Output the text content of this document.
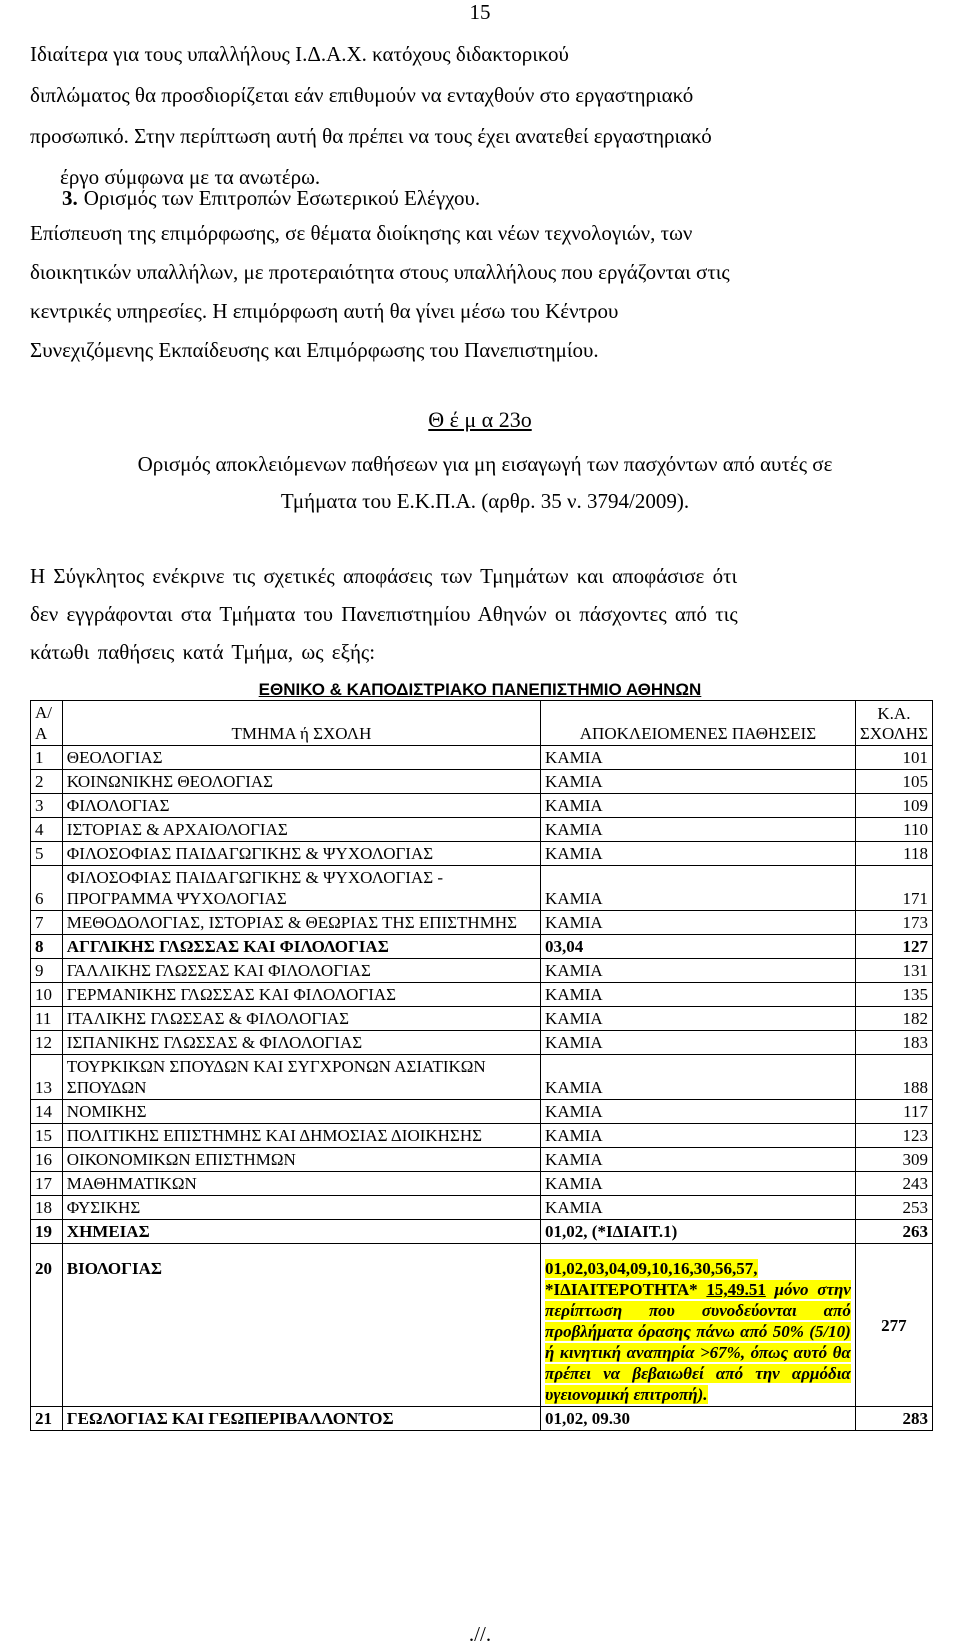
15

Ιδιαίτερα για τους υπαλλήλους Ι.Δ.Α.Χ. κατόχους διδακτορικού
διπλώματος θα προσδιορίζεται εάν επιθυμούν να ενταχθούν στο εργαστηριακό
προσωπικό. Στην περίπτωση αυτή θα πρέπει να τους έχει ανατεθεί εργαστηριακό
έργο σύμφωνα με τα ανωτέρω.

3. Ορισμός των Επιτροπών Εσωτερικού Ελέγχου.

Επίσπευση της επιμόρφωσης, σε θέματα διοίκησης και νέων τεχνολογιών, των
διοικητικών υπαλλήλων, με προτεραιότητα στους υπαλλήλους που εργάζονται στις
κεντρικές υπηρεσίες. Η επιμόρφωση αυτή θα γίνει μέσω του Κέντρου
Συνεχιζόμενης Εκπαίδευσης και Επιμόρφωσης του Πανεπιστημίου.

Θ έ μ α 23ο
Ορισμός αποκλειόμενων παθήσεων για μη εισαγωγή των πασχόντων από αυτές σε
Τμήματα του Ε.Κ.Π.Α. (αρθρ. 35 ν. 3794/2009).

Η Σύγκλητος ενέκρινε τις σχετικές αποφάσεις των Τμημάτων και αποφάσισε ότι
δεν εγγράφονται στα Τμήματα του Πανεπιστημίου Αθηνών οι πάσχοντες από τις
κάτωθι παθήσεις κατά Τμήμα, ως εξής:

ΕΘΝΙΚΟ & ΚΑΠΟΔΙΣΤΡΙΑΚΟ ΠΑΝΕΠΙΣΤΗΜΙΟ ΑΘΗΝΩΝ
Α/Α	ΤΜΗΜΑ ή ΣΧΟΛΗ	ΑΠΟΚΛΕΙΟΜΕΝΕΣ ΠΑΘΗΣΕΙΣ	Κ.Α.
ΣΧΟΛΗΣ
1	ΘΕΟΛΟΓΙΑΣ	ΚΑΜΙΑ	101
2	ΚΟΙΝΩΝΙΚΗΣ ΘΕΟΛΟΓΙΑΣ	ΚΑΜΙΑ	105
3	ΦΙΛΟΛΟΓΙΑΣ	ΚΑΜΙΑ	109
4	ΙΣΤΟΡΙΑΣ & ΑΡΧΑΙΟΛΟΓΙΑΣ	ΚΑΜΙΑ	110
5	ΦΙΛΟΣΟΦΙΑΣ ΠΑΙΔΑΓΩΓΙΚΗΣ & ΨΥΧΟΛΟΓΙΑΣ	ΚΑΜΙΑ	118
6	ΦΙΛΟΣΟΦΙΑΣ ΠΑΙΔΑΓΩΓΙΚΗΣ & ΨΥΧΟΛΟΓΙΑΣ - ΠΡΟΓΡΑΜΜΑ ΨΥΧΟΛΟΓΙΑΣ	ΚΑΜΙΑ	171
7	ΜΕΘΟΔΟΛΟΓΙΑΣ, ΙΣΤΟΡΙΑΣ & ΘΕΩΡΙΑΣ ΤΗΣ ΕΠΙΣΤΗΜΗΣ	ΚΑΜΙΑ	173
8	ΑΓΓΛΙΚΗΣ ΓΛΩΣΣΑΣ ΚΑΙ ΦΙΛΟΛΟΓΙΑΣ	03,04	127
9	ΓΑΛΛΙΚΗΣ ΓΛΩΣΣΑΣ ΚΑΙ ΦΙΛΟΛΟΓΙΑΣ	ΚΑΜΙΑ	131
10	ΓΕΡΜΑΝΙΚΗΣ ΓΛΩΣΣΑΣ ΚΑΙ ΦΙΛΟΛΟΓΙΑΣ	ΚΑΜΙΑ	135
11	ΙΤΑΛΙΚΗΣ ΓΛΩΣΣΑΣ & ΦΙΛΟΛΟΓΙΑΣ	ΚΑΜΙΑ	182
12	ΙΣΠΑΝΙΚΗΣ ΓΛΩΣΣΑΣ & ΦΙΛΟΛΟΓΙΑΣ	ΚΑΜΙΑ	183
13	ΤΟΥΡΚΙΚΩΝ ΣΠΟΥΔΩΝ ΚΑΙ ΣΥΓΧΡΟΝΩΝ ΑΣΙΑΤΙΚΩΝ ΣΠΟΥΔΩΝ	ΚΑΜΙΑ	188
14	ΝΟΜΙΚΗΣ	ΚΑΜΙΑ	117
15	ΠΟΛΙΤΙΚΗΣ ΕΠΙΣΤΗΜΗΣ ΚΑΙ ΔΗΜΟΣΙΑΣ ΔΙΟΙΚΗΣΗΣ	ΚΑΜΙΑ	123
16	ΟΙΚΟΝΟΜΙΚΩΝ ΕΠΙΣΤΗΜΩΝ	ΚΑΜΙΑ	309
17	ΜΑΘΗΜΑΤΙΚΩΝ	ΚΑΜΙΑ	243
18	ΦΥΣΙΚΗΣ	ΚΑΜΙΑ	253
19	ΧΗΜΕΙΑΣ	01,02, (*ΙΔΙΑΙΤ.1)	263
20	ΒΙΟΛΟΓΙΑΣ	01,02,03,04,09,10,16,30,56,57,
*ΙΔΙΑΙΤΕΡΟΤΗΤΑ* 15,49.51 μόνο στην περίπτωση που συνοδεύονται από προβλήματα όρασης πάνω από 50% (5/10) ή κινητική αναπηρία >67%, όπως αυτό θα πρέπει να βεβαιωθεί από την αρμόδια υγειονομική επιτροπή).	277
21	ΓΕΩΛΟΓΙΑΣ ΚΑΙ ΓΕΩΠΕΡΙΒΑΛΛΟΝΤΟΣ	01,02, 09.30	283
.//.
